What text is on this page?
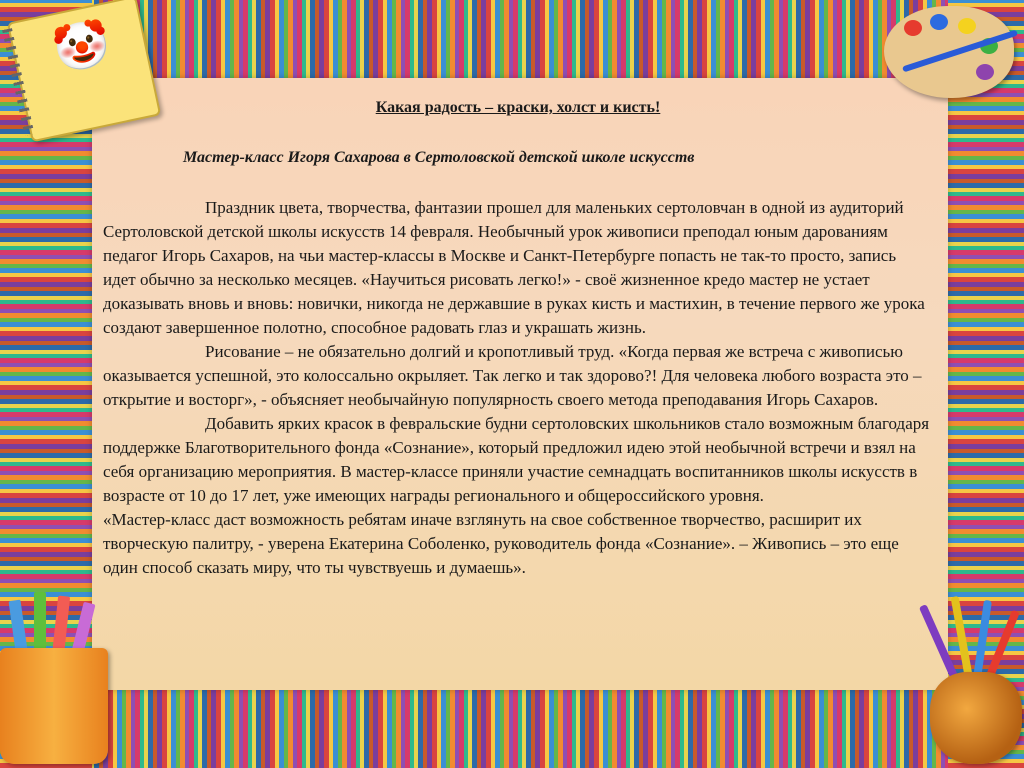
Какая радость – краски, холст и кисть!

Мастер-класс Игоря Сахарова в Сертоловской детской школе искусств

Праздник цвета, творчества, фантазии прошел для маленьких сертоловчан в одной из аудиторий Сертоловской детской школы искусств 14 февраля. Необычный урок живописи преподал юным дарованиям педагог Игорь Сахаров, на чьи мастер-классы в Москве и Санкт-Петербурге попасть не так-то просто, запись идет обычно за несколько месяцев. «Научиться рисовать легко!» - своё жизненное кредо мастер не устает доказывать вновь и вновь: новички, никогда не державшие в руках кисть и мастихин, в течение первого же урока создают завершенное полотно, способное радовать глаз и украшать жизнь.

Рисование – не обязательно долгий и кропотливый труд. «Когда первая же встреча с живописью оказывается успешной, это колоссально окрыляет. Так легко и так здорово?! Для человека любого возраста это – открытие и восторг», - объясняет необычайную популярность своего метода преподавания Игорь Сахаров.

Добавить ярких красок в февральские будни сертоловских школьников стало возможным благодаря поддержке Благотворительного фонда «Сознание», который предложил идею этой необычной встречи и взял на себя организацию мероприятия. В мастер-классе приняли участие семнадцать воспитанников школы искусств в возрасте от 10 до 17 лет, уже имеющих награды регионального и общероссийского уровня.

«Мастер-класс даст возможность ребятам иначе взглянуть на свое собственное творчество, расширит их творческую палитру, - уверена Екатерина Соболенко, руководитель фонда «Сознание». – Живопись – это еще один способ сказать миру, что ты чувствуешь и думаешь».

🤡
